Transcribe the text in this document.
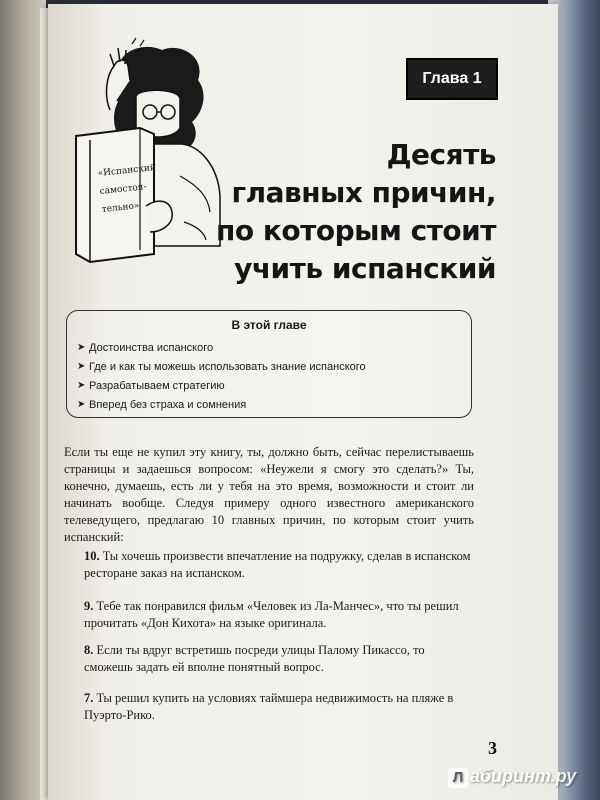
«Испанский
самостоя-
тельно»
Глава 1
Десять
главных причин,
по которым стоит
учить испанский
В этой главе
➤ Достоинства испанского
➤ Где и как ты можешь использовать знание испанского
➤ Разрабатываем стратегию
➤ Вперед без страха и сомнения

Если ты еще не купил эту книгу, ты, должно быть, сейчас перелистываешь страницы и задаешься вопросом: «Неужели я смогу это сделать?» Ты, конечно, думаешь, есть ли у тебя на это время, возможности и стоит ли начинать вообще. Следуя примеру одного известного американского телеведущего, предлагаю 10 главных причин, по которым стоит учить испанский:

10. Ты хочешь произвести впечатление на подружку, сделав в испанском ресторане заказ на испанском.
9. Тебе так понравился фильм «Человек из Ла-Манчес», что ты решил прочитать «Дон Кихота» на языке оригинала.
8. Если ты вдруг встретишь посреди улицы Палому Пикассо, то сможешь задать ей вполне понятный вопрос.
7. Ты решил купить на условиях таймшера недвижимость на пляже в Пуэрто-Рико.
3
Л абиринт.ру
